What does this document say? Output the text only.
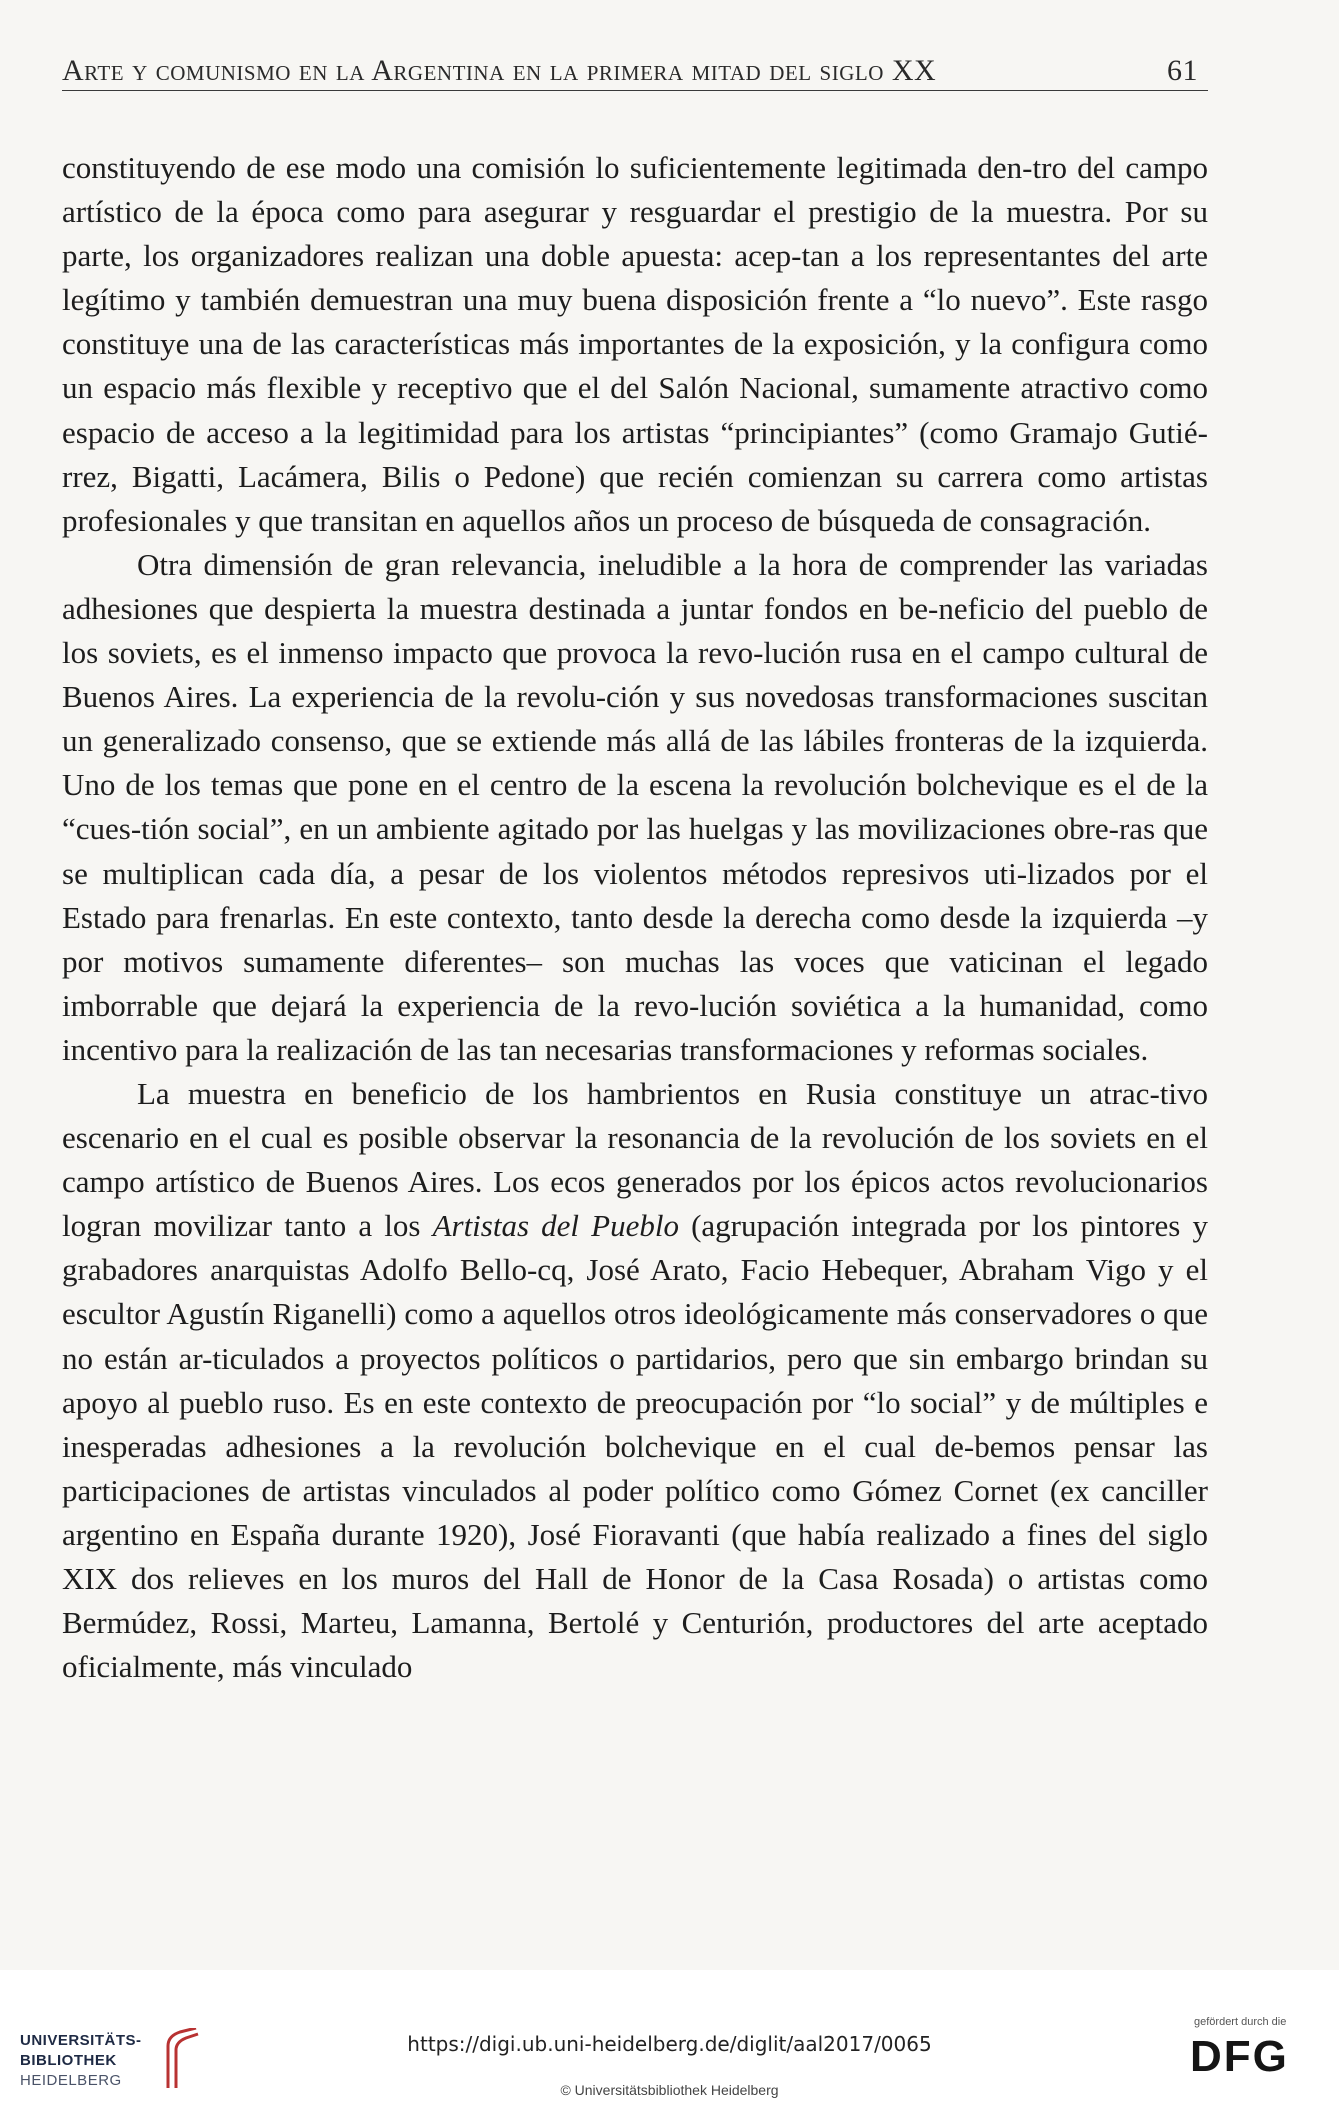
Arte y comunismo en la Argentina en la primera mitad del siglo XX	61

constituyendo de ese modo una comisión lo suficientemente legitimada den-tro del campo artístico de la época como para asegurar y resguardar el prestigio de la muestra. Por su parte, los organizadores realizan una doble apuesta: acep-tan a los representantes del arte legítimo y también demuestran una muy buena disposición frente a “lo nuevo”. Este rasgo constituye una de las características más importantes de la exposición, y la configura como un espacio más flexible y receptivo que el del Salón Nacional, sumamente atractivo como espacio de acceso a la legitimidad para los artistas “principiantes” (como Gramajo Gutié-rrez, Bigatti, Lacámera, Bilis o Pedone) que recién comienzan su carrera como artistas profesionales y que transitan en aquellos años un proceso de búsqueda de consagración.

Otra dimensión de gran relevancia, ineludible a la hora de comprender las variadas adhesiones que despierta la muestra destinada a juntar fondos en be-neficio del pueblo de los soviets, es el inmenso impacto que provoca la revo-lución rusa en el campo cultural de Buenos Aires. La experiencia de la revolu-ción y sus novedosas transformaciones suscitan un generalizado consenso, que se extiende más allá de las lábiles fronteras de la izquierda. Uno de los temas que pone en el centro de la escena la revolución bolchevique es el de la “cues-tión social”, en un ambiente agitado por las huelgas y las movilizaciones obre-ras que se multiplican cada día, a pesar de los violentos métodos represivos uti-lizados por el Estado para frenarlas. En este contexto, tanto desde la derecha como desde la izquierda –y por motivos sumamente diferentes– son muchas las voces que vaticinan el legado imborrable que dejará la experiencia de la revo-lución soviética a la humanidad, como incentivo para la realización de las tan necesarias transformaciones y reformas sociales.

La muestra en beneficio de los hambrientos en Rusia constituye un atrac-tivo escenario en el cual es posible observar la resonancia de la revolución de los soviets en el campo artístico de Buenos Aires. Los ecos generados por los épicos actos revolucionarios logran movilizar tanto a los Artistas del Pueblo (agrupación integrada por los pintores y grabadores anarquistas Adolfo Bello-cq, José Arato, Facio Hebequer, Abraham Vigo y el escultor Agustín Riganelli) como a aquellos otros ideológicamente más conservadores o que no están ar-ticulados a proyectos políticos o partidarios, pero que sin embargo brindan su apoyo al pueblo ruso. Es en este contexto de preocupación por “lo social” y de múltiples e inesperadas adhesiones a la revolución bolchevique en el cual de-bemos pensar las participaciones de artistas vinculados al poder político como Gómez Cornet (ex canciller argentino en España durante 1920), José Fioravanti (que había realizado a fines del siglo XIX dos relieves en los muros del Hall de Honor de la Casa Rosada) o artistas como Bermúdez, Rossi, Marteu, Lamanna, Bertolé y Centurión, productores del arte aceptado oficialmente, más vinculado

UNIVERSITÄTS-
BIBLIOTHEK
HEIDELBERG
https://digi.ub.uni-heidelberg.de/diglit/aal2017/0065
© Universitätsbibliothek Heidelberg
gefördert durch die
DFG
